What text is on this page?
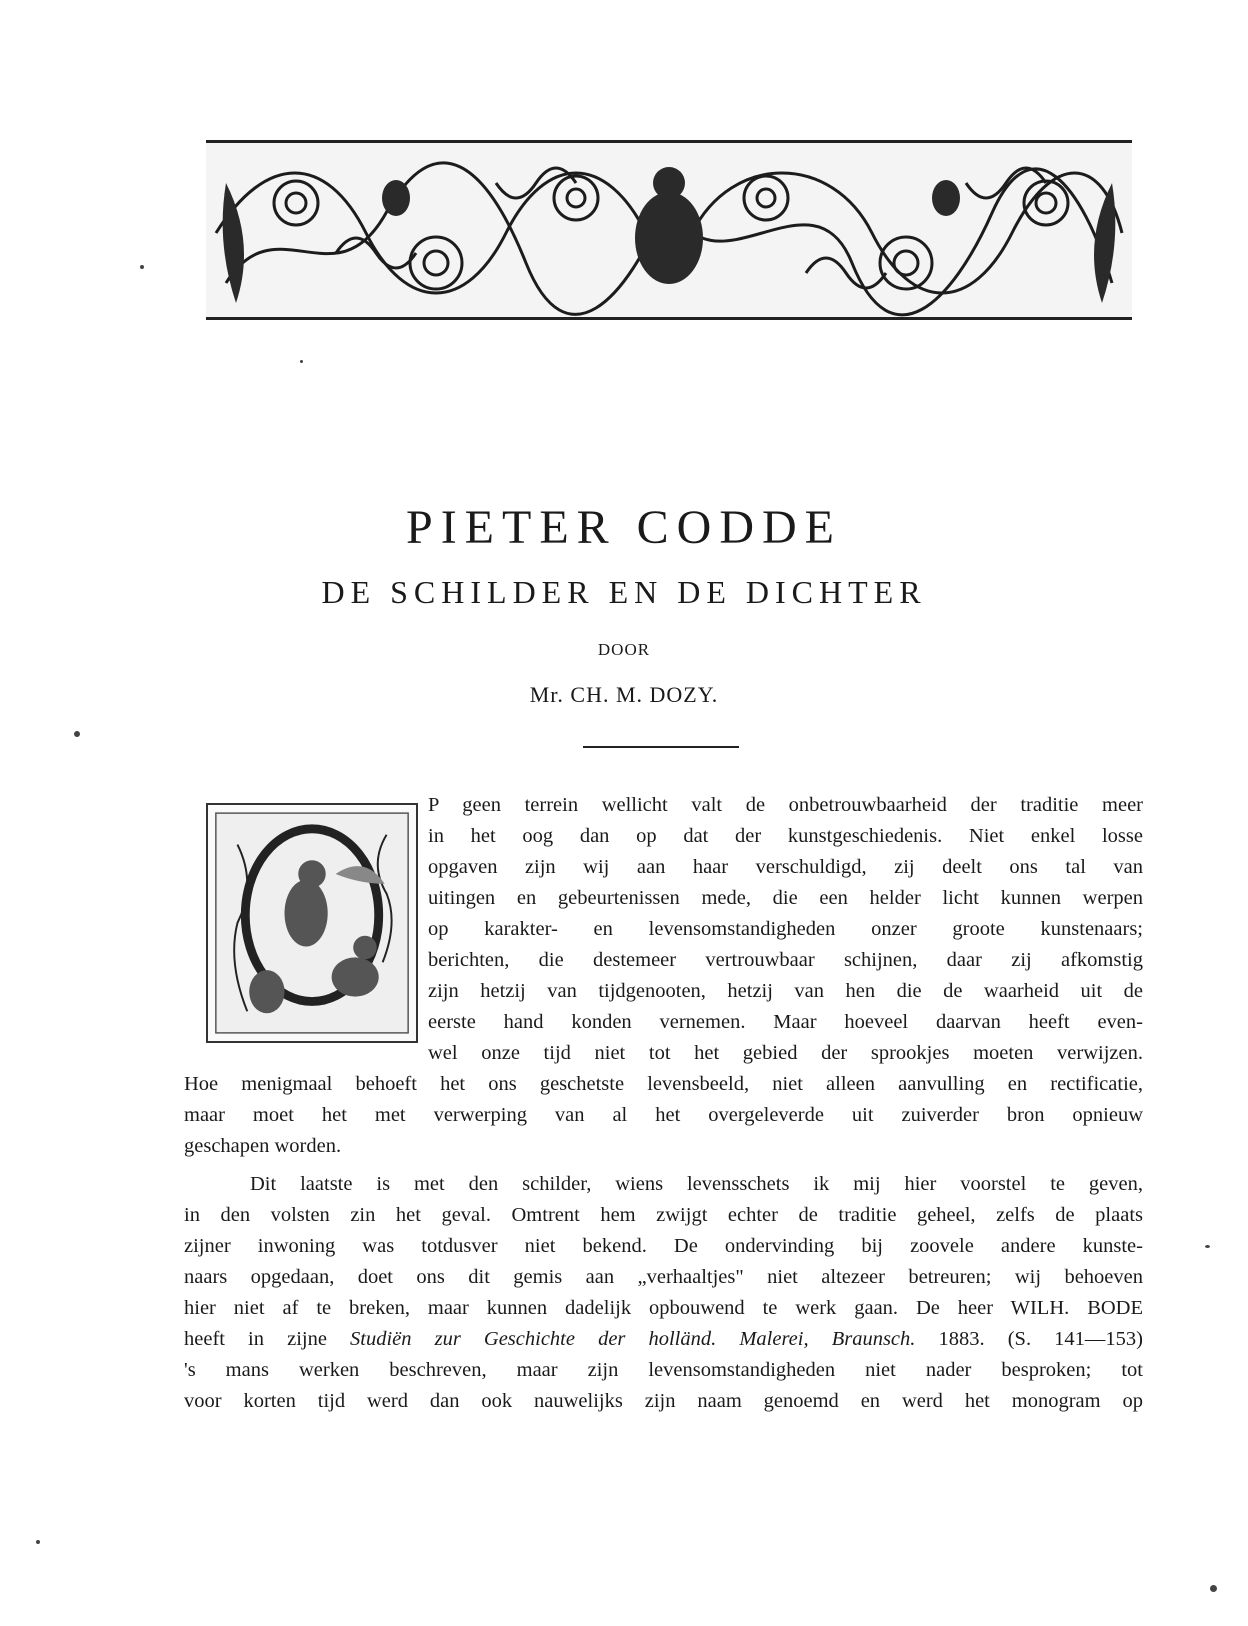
PIETER CODDE
DE SCHILDER EN DE DICHTER
DOOR
Mr. CH. M. DOZY.
P geen terrein wellicht valt de onbetrouwbaarheid der traditie meer
in het oog dan op dat der kunstgeschiedenis. Niet enkel losse
opgaven zijn wij aan haar verschuldigd, zij deelt ons tal van
uitingen en gebeurtenissen mede, die een helder licht kunnen werpen
op karakter- en levensomstandigheden onzer groote kunstenaars;
berichten, die destemeer vertrouwbaar schijnen, daar zij afkomstig
zijn hetzij van tijdgenooten, hetzij van hen die de waarheid uit de
eerste hand konden vernemen. Maar hoeveel daarvan heeft even-
wel onze tijd niet tot het gebied der sprookjes moeten verwijzen.
Hoe menigmaal behoeft het ons geschetste levensbeeld, niet alleen aanvulling en rectificatie,
maar moet het met verwerping van al het overgeleverde uit zuiverder bron opnieuw
geschapen worden.
Dit laatste is met den schilder, wiens levensschets ik mij hier voorstel te geven,
in den volsten zin het geval. Omtrent hem zwijgt echter de traditie geheel, zelfs de plaats
zijner inwoning was totdusver niet bekend. De ondervinding bij zoovele andere kunste-
naars opgedaan, doet ons dit gemis aan „verhaaltjes" niet altezeer betreuren; wij behoeven
hier niet af te breken, maar kunnen dadelijk opbouwend te werk gaan. De heer WILH. BODE
heeft in zijne Studiën zur Geschichte der holländ. Malerei, Braunsch. 1883. (S. 141—153)
's mans werken beschreven, maar zijn levensomstandigheden niet nader besproken; tot
voor korten tijd werd dan ook nauwelijks zijn naam genoemd en werd het monogram op
